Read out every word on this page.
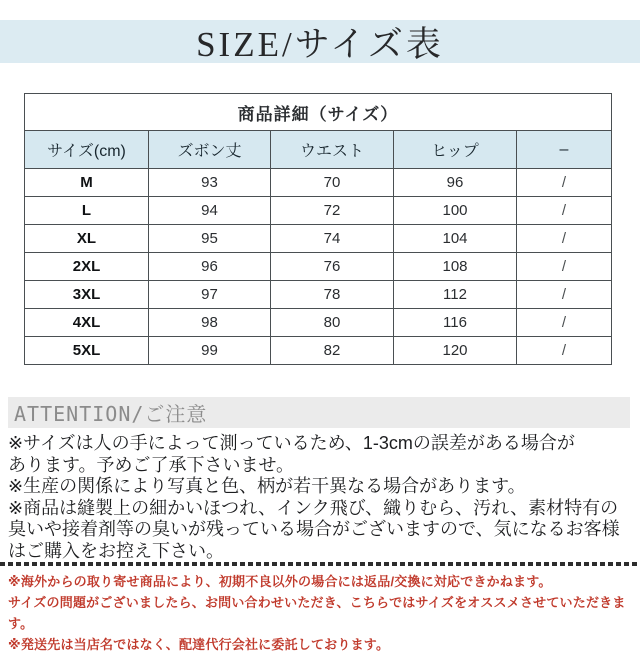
SIZE/サイズ表
商品詳細（サイズ）				
サイズ(cm)	ズボン丈	ウエスト	ヒップ	–
M	93	70	96	/
L	94	72	100	/
XL	95	74	104	/
2XL	96	76	108	/
3XL	97	78	112	/
4XL	98	80	116	/
5XL	99	82	120	/
ATTENTION/ご注意
※サイズは人の手によって測っているため、1-3cmの誤差がある場合が
あります。予めご了承下さいませ。
※生産の関係により写真と色、柄が若干異なる場合があります。
※商品は縫製上の細かいほつれ、インク飛び、織りむら、汚れ、素材特有の
臭いや接着剤等の臭いが残っている場合がございますので、気になるお客様
はご購入をお控え下さい。
※海外からの取り寄せ商品により、初期不良以外の場合には返品/交換に対応できかねます。
サイズの問題がございましたら、お問い合わせいただき、こちらではサイズをオススメさせていただきます。
※発送先は当店名ではなく、配達代行会社に委託しております。
